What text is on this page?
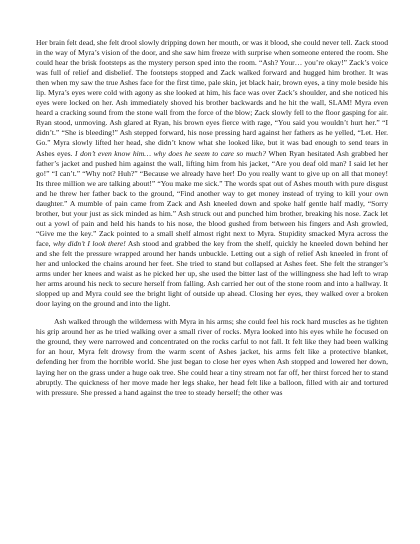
Her brain felt dead, she felt drool slowly dripping down her mouth, or was it blood, she could never tell. Zack stood in the way of Myra’s vision of the door, and she saw him freeze with surprise when someone entered the room. She could hear the brisk footsteps as the mystery person sped into the room. “Ash? Your… you’re okay!” Zack’s voice was full of relief and disbelief. The footsteps stopped and Zack walked forward and hugged him brother. It was then when my saw the true Ashes face for the first time, pale skin, jet black hair, brown eyes, a tiny mole beside his lip. Myra’s eyes were cold with agony as she looked at him, his face was over Zack’s shoulder, and she noticed his eyes were locked on her. Ash immediately shoved his brother backwards and he hit the wall, SLAM! Myra even heard a cracking sound from the stone wall from the force of the blow; Zack slowly fell to the floor gasping for air. Ryan stood, unmoving. Ash glared at Ryan, his brown eyes fierce with rage, “You said you wouldn’t hurt her.” “I didn’t.” “She is bleeding!” Ash stepped forward, his nose pressing hard against her fathers as he yelled, “Let. Her. Go.” Myra slowly lifted her head, she didn’t know what she looked like, but it was bad enough to send tears in Ashes eyes. I don’t even know him… why does he seem to care so much? When Ryan hesitated Ash grabbed her father’s jacket and pushed him against the wall, lifting him from his jacket, “Are you deaf old man? I said let her go!” “I can’t.” “Why not? Huh?” “Because we already have her! Do you really want to give up on all that money! Its three million we are talking about!” “You make me sick.” The words spat out of Ashes mouth with pure disgust and he threw her father back to the ground, “Find another way to get money instead of trying to kill your own daughter.” A mumble of pain came from Zack and Ash kneeled down and spoke half gentle half madly, “Sorry brother, but your just as sick minded as him.” Ash struck out and punched him brother, breaking his nose. Zack let out a yowl of pain and held his hands to his nose, the blood gushed from between his fingers and Ash growled, “Give me the key.” Zack pointed to a small shelf almost right next to Myra. Stupidity smacked Myra across the face, why didn’t I look there! Ash stood and grabbed the key from the shelf, quickly he kneeled down behind her and she felt the pressure wrapped around her hands unbuckle. Letting out a sigh of relief Ash kneeled in front of her and unlocked the chains around her feet. She tried to stand but collapsed at Ashes feet. She felt the stranger’s arms under her knees and waist as he picked her up, she used the bitter last of the willingness she had left to wrap her arms around his neck to secure herself from falling. Ash carried her out of the stone room and into a hallway. It slopped up and Myra could see the bright light of outside up ahead. Closing her eyes, they walked over a broken door laying on the ground and into the light.

Ash walked through the wilderness with Myra in his arms; she could feel his rock hard muscles as he tighten his grip around her as he tried walking over a small river of rocks. Myra looked into his eyes while he focused on the ground, they were narrowed and concentrated on the rocks carful to not fall. It felt like they had been walking for an hour, Myra felt drowsy from the warm scent of Ashes jacket, his arms felt like a protective blanket, defending her from the horrible world. She just began to close her eyes when Ash stopped and lowered her down, laying her on the grass under a huge oak tree. She could hear a tiny stream not far off, her thirst forced her to stand abruptly. The quickness of her move made her legs shake, her head felt like a balloon, filled with air and tortured with pressure. She pressed a hand against the tree to steady herself; the other was
